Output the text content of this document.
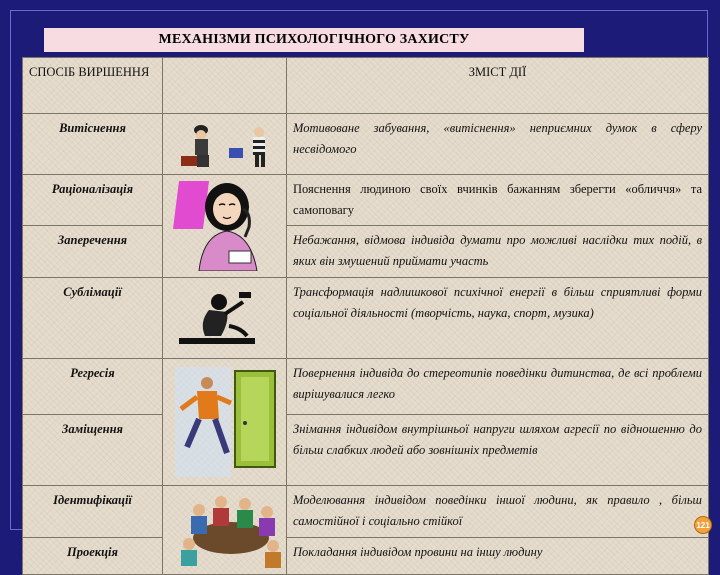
МЕХАНІЗМИ ПСИХОЛОГІЧНОГО ЗАХИСТУ
СПОСІБ ВИРШЕННЯ		ЗМІСТ ДІЇ
Витіснення		Мотивоване забування, «витіснення» неприємних думок в сферу несвідомого
Раціоналізація		Пояснення людиною своїх вчинків бажанням зберегти «обличчя» та самоповагу
Заперечення		Небажання, відмова індивіда думати про можливі наслідки тих подій, в яких він змушений приймати участь
Сублімації		Трансформація надлишкової психічної енергії в більш сприятливі форми соціальної діяльності (творчість, наука, спорт, музика)
Регресія		Повернення індивіда до стереотипів поведінки дитинства, де всі проблеми вирішувалися легко
Заміщення		Знімання індивідом внутрішньої напруги шляхом агресії по відношенню до більш слабких людей або зовнішніх предметів
Ідентифікації		Моделювання індивідом поведінки іншої людини, як правило , більш самостійної і соціально стійкої
Проекція		Покладання індивідом провини на іншу людину
121
